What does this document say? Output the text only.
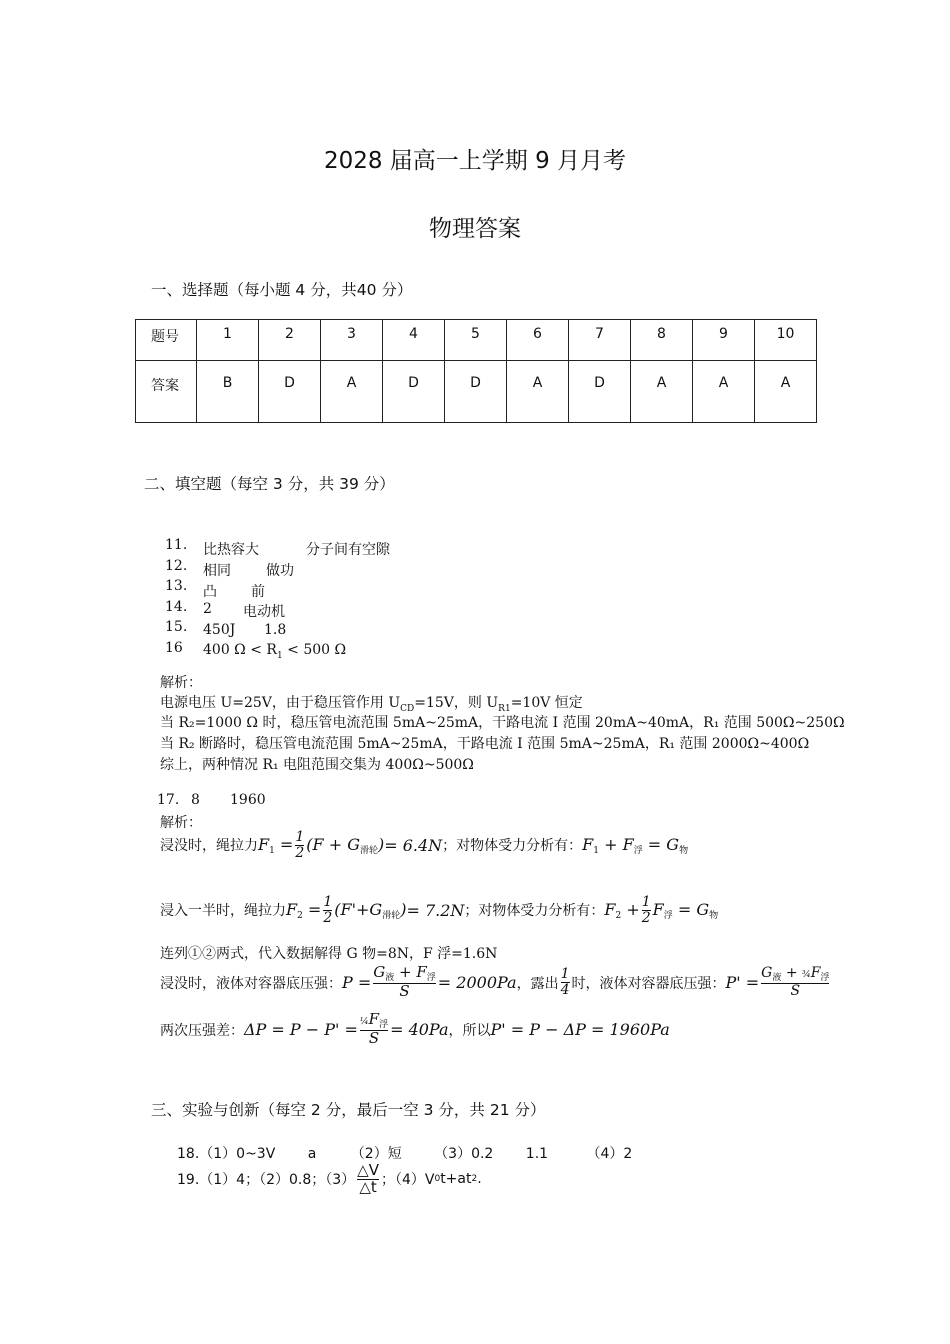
2028 届高一上学期 9 月月考
物理答案
一、选择题（每小题 4 分，共40 分）
题号	1	2	3	4	5	6	7	8	9	10
答案	B	D	A	D	D	A	D	A	A	A
二、填空题（每空 3 分，共 39 分）
11. 比热容大	分子间有空隙
12. 相同	做功
13. 凸 前
14. 2 电动机
15. 450J 1.8
16 400 $\Omega < R_1 < 500$ Ω
解析：
电源电压 U=25V，由于稳压管作用 $U_{CD}=15V$，则 $U_{R1}=10V$ 恒定
当 R₂=1000 Ω 时，稳压管电流范围 5mA~25mA，干路电流 I 范围 20mA~40mA，R₁ 范围 500Ω~250Ω
当 R₂ 断路时，稳压管电流范围 5mA~25mA，干路电流 I 范围 5mA~25mA，R₁ 范围 2000Ω~400Ω
综上，两种情况 R₁ 电阻范围交集为 400Ω~500Ω
17. 8 1960
解析：
浸没时，绳拉力 $F_1 = \frac{1}{2} (F + G_{滑轮}) = 6.4N$ ；对物体受力分析有： $F_1 + F_浮 = G_物$
浸入一半时，绳拉力 $F_2 = \frac{1}{2} (F'+G_{滑轮}) = 7.2N$ ；对物体受力分析有： $F_2 + \frac{1}{2} F_浮 = G_物$
连列①②两式，代入数据解得 G 物=8N，F 浮=1.6N
浸没时，液体对容器底压强： $P = \frac{G_液 + F_浮}{S} = 2000Pa$ ，露出 $\frac{1}{4}$ 时，液体对容器底压强： $P' = \frac{G_液 + \frac{3}{4}F_浮}{S}$
两次压强差： $\Delta P = P - P' = \frac{\frac{1}{4}F_浮}{S} = 40Pa$ ，所以 P' = P − ΔP = 1960Pa
三、实验与创新（每空 2 分，最后一空 3 分，共 21 分）
18.（1）0~3V a （2）短 （3）0.2 1.1	（4）2
19.（1）4；（2）0.8；$(3) \frac{\triangle V}{\triangle t}$ ；（4）V 0 t+at 2 .
